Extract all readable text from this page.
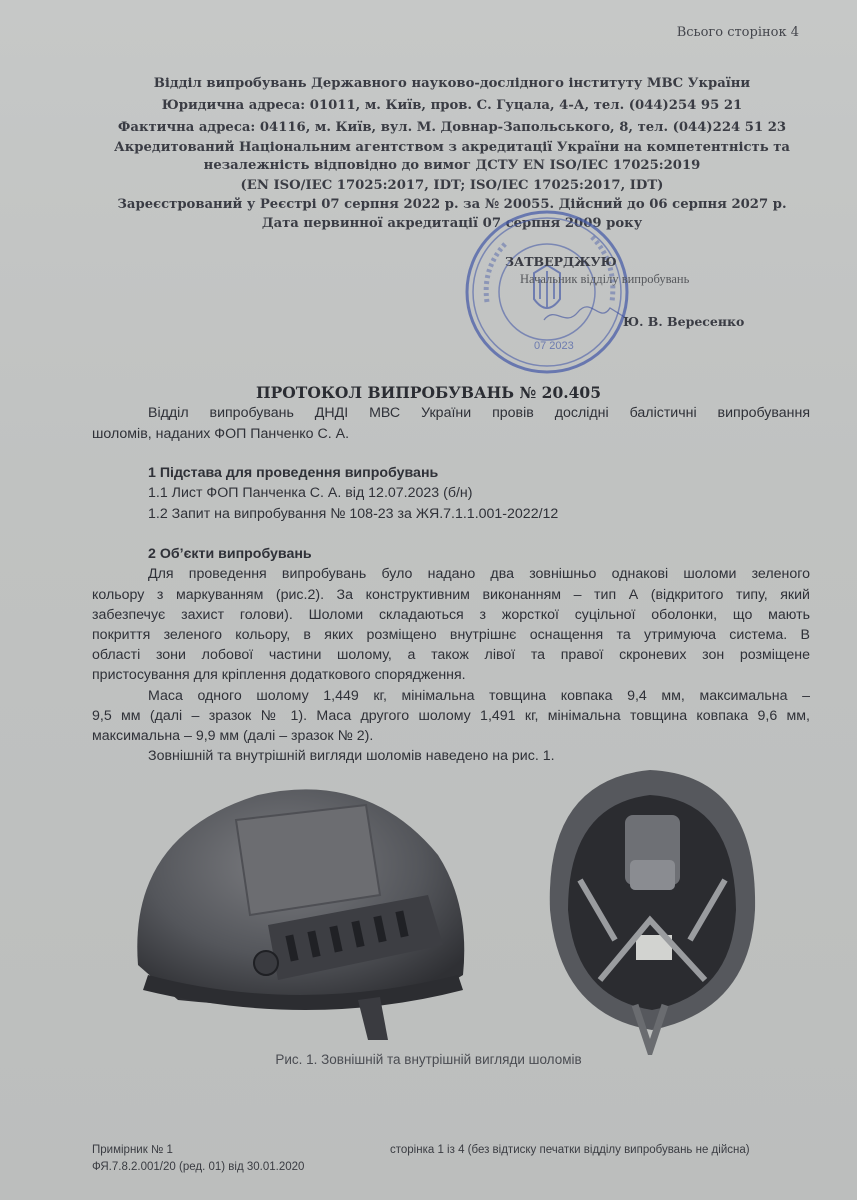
Всього сторінок 4
Відділ випробувань Державного науково-дослідного інституту МВС України
Юридична адреса: 01011, м. Київ, пров. С. Гуцала, 4-А, тел. (044)254 95 21
Фактична адреса: 04116, м. Київ, вул. М. Довнар-Запольського, 8, тел. (044)224 51 23
Акредитований Національним агентством з акредитації України на компетентність та
незалежність відповідно до вимог ДСТУ EN ISO/IEC 17025:2019
(EN ISO/IEC 17025:2017, IDT; ISO/IEC 17025:2017, IDT)
Зареєстрований у Реєстрі 07 серпня 2022 р. за № 20055. Дійсний до 06 серпня 2027 р.
Дата первинної акредитації 07 серпня 2009 року
07 2023
ЗАТВЕРДЖУЮ
Начальник відділу випробувань
Ю. В. Вересенко
ПРОТОКОЛ ВИПРОБУВАНЬ № 20.405
Відділ випробувань ДНДІ МВС України провів дослідні балістичні випробування
шоломів, наданих ФОП Панченко С. А.
1 Підстава для проведення випробувань
1.1 Лист ФОП Панченка С. А. від 12.07.2023 (б/н)
1.2 Запит на випробування № 108-23 за ЖЯ.7.1.1.001-2022/12
2 Об’єкти випробувань
Для проведення випробувань було надано два зовнішньо однакові шоломи зеленого
кольору з маркуванням (рис.2). За конструктивним виконанням – тип А (відкритого типу, який
забезпечує захист голови). Шоломи складаються з жорсткої суцільної оболонки, що мають
покриття зеленого кольору, в яких розміщено внутрішнє оснащення та утримуюча система. В
області зони лобової частини шолому, а також лівої та правої скроневих зон розміщене
пристосування для кріплення додаткового спорядження.
Маса одного шолому 1,449 кг, мінімальна товщина ковпака 9,4 мм, максимальна –
9,5 мм (далі – зразок № 1). Маса другого шолому 1,491 кг, мінімальна товщина ковпака 9,6 мм,
максимальна – 9,9 мм (далі – зразок № 2).
Зовнішній та внутрішній вигляди шоломів наведено на рис. 1.
Рис. 1. Зовнішній та внутрішній вигляди шоломів
Примірник № 1	сторінка 1 із 4 (без відтиску печатки відділу випробувань не дійсна)
ФЯ.7.8.2.001/20 (ред. 01) від 30.01.2020
